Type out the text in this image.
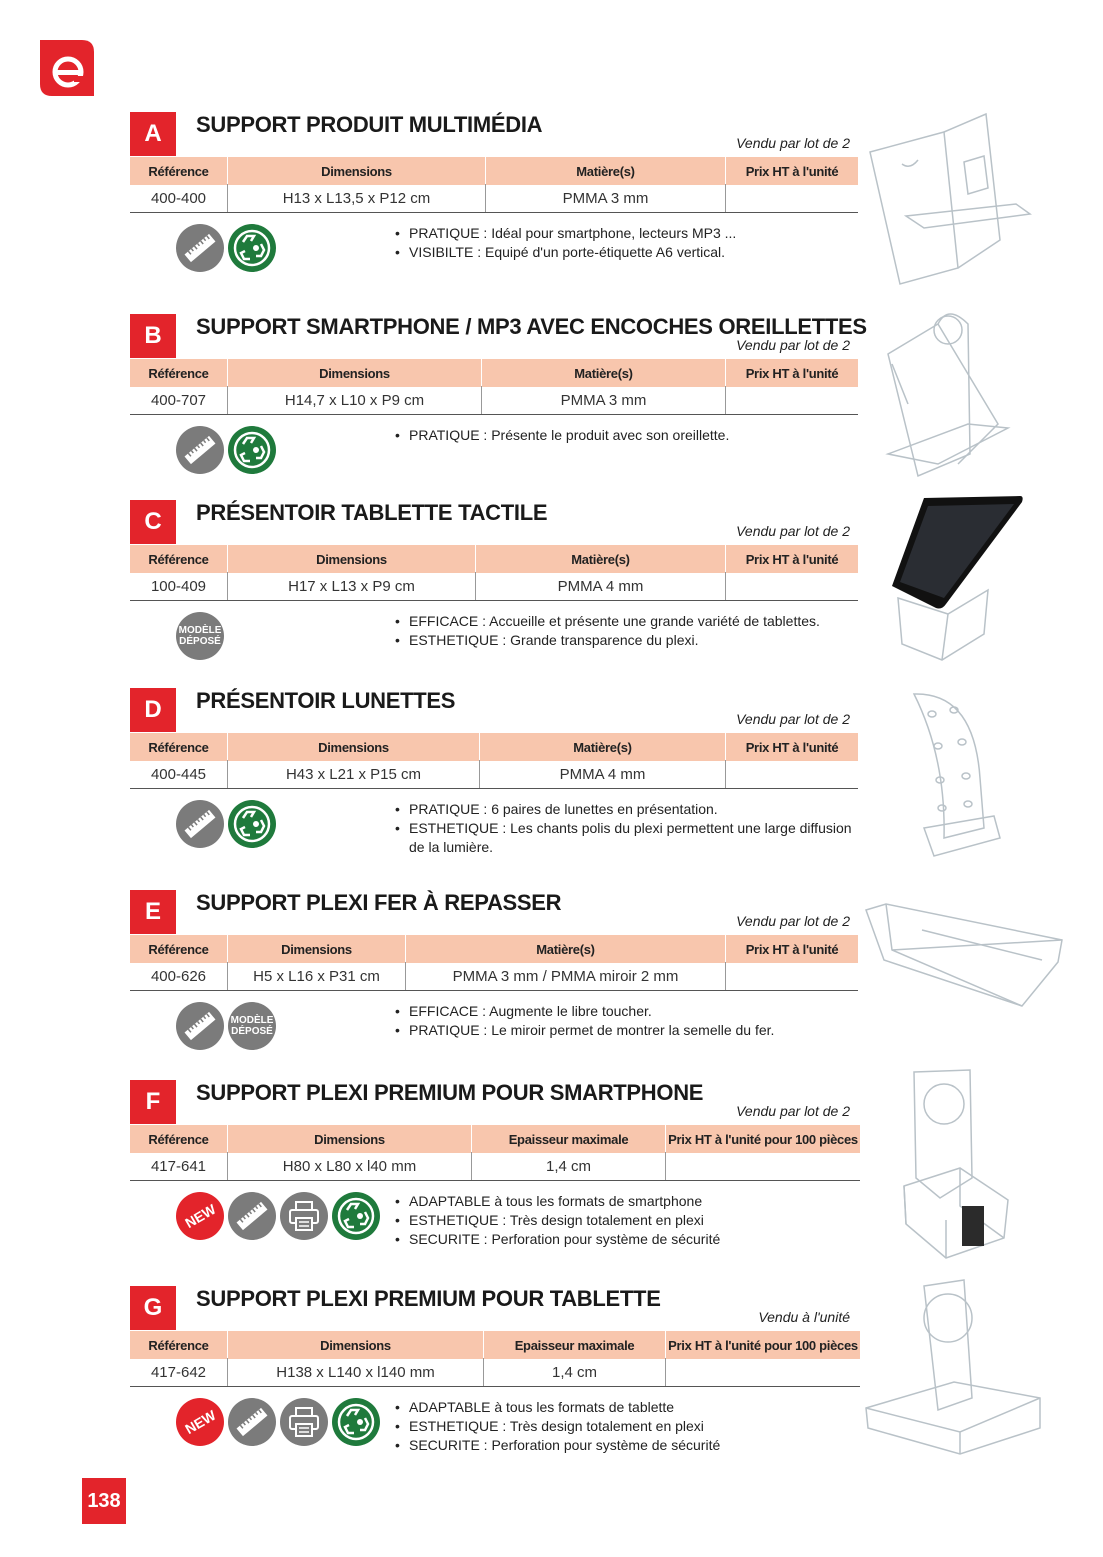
A	SUPPORT PRODUIT MULTIMÉDIA
Vendu par lot de 2
Référence	Dimensions	Matière(s)	Prix HT à l'unité
400-400	H13 x L13,5 x P12 cm	PMMA 3 mm
• PRATIQUE : Idéal pour smartphone, lecteurs MP3 ...
• VISIBILTE : Equipé d'un porte-étiquette A6 vertical.
B	SUPPORT SMARTPHONE / MP3 AVEC ENCOCHES OREILLETTES
Vendu par lot de 2
Référence	Dimensions	Matière(s)	Prix HT à l'unité
400-707	H14,7 x L10 x P9 cm	PMMA 3 mm
• PRATIQUE : Présente le produit avec son oreillette.
C	PRÉSENTOIR TABLETTE TACTILE
Vendu par lot de 2
Référence	Dimensions	Matière(s)	Prix HT à l'unité
100-409	H17 x L13 x P9 cm	PMMA 4 mm
MODÈLE
DÉPOSÉ
• EFFICACE : Accueille et présente une grande variété de tablettes.
• ESTHETIQUE : Grande transparence du plexi.
D	PRÉSENTOIR LUNETTES
Vendu par lot de 2
Référence	Dimensions	Matière(s)	Prix HT à l'unité
400-445	H43 x L21 x P15 cm	PMMA 4 mm
• PRATIQUE : 6 paires de lunettes en présentation.
• ESTHETIQUE : Les chants polis du plexi permettent une large diffusion de la lumière.
E	SUPPORT PLEXI FER À REPASSER
Vendu par lot de 2
Référence	Dimensions	Matière(s)	Prix HT à l'unité
400-626	H5 x L16 x P31 cm	PMMA 3 mm / PMMA miroir 2 mm
MODÈLE
DÉPOSÉ
• EFFICACE : Augmente le libre toucher.
• PRATIQUE : Le miroir permet de montrer la semelle du fer.
F	SUPPORT PLEXI PREMIUM POUR SMARTPHONE
Vendu par lot de 2
Référence	Dimensions	Epaisseur maximale	Prix HT à l'unité pour 100 pièces
417-641	H80 x L80 x l40 mm	1,4 cm
NEW	• ADAPTABLE à tous les formats de smartphone
• ESTHETIQUE : Très design totalement en plexi
• SECURITE : Perforation pour système de sécurité
G	SUPPORT PLEXI PREMIUM POUR TABLETTE
Vendu à l'unité
Référence	Dimensions	Epaisseur maximale	Prix HT à l'unité pour 100 pièces
417-642	H138 x L140 x l140 mm	1,4 cm
NEW	• ADAPTABLE à tous les formats de tablette
• ESTHETIQUE : Très design totalement en plexi
• SECURITE : Perforation pour système de sécurité
138
